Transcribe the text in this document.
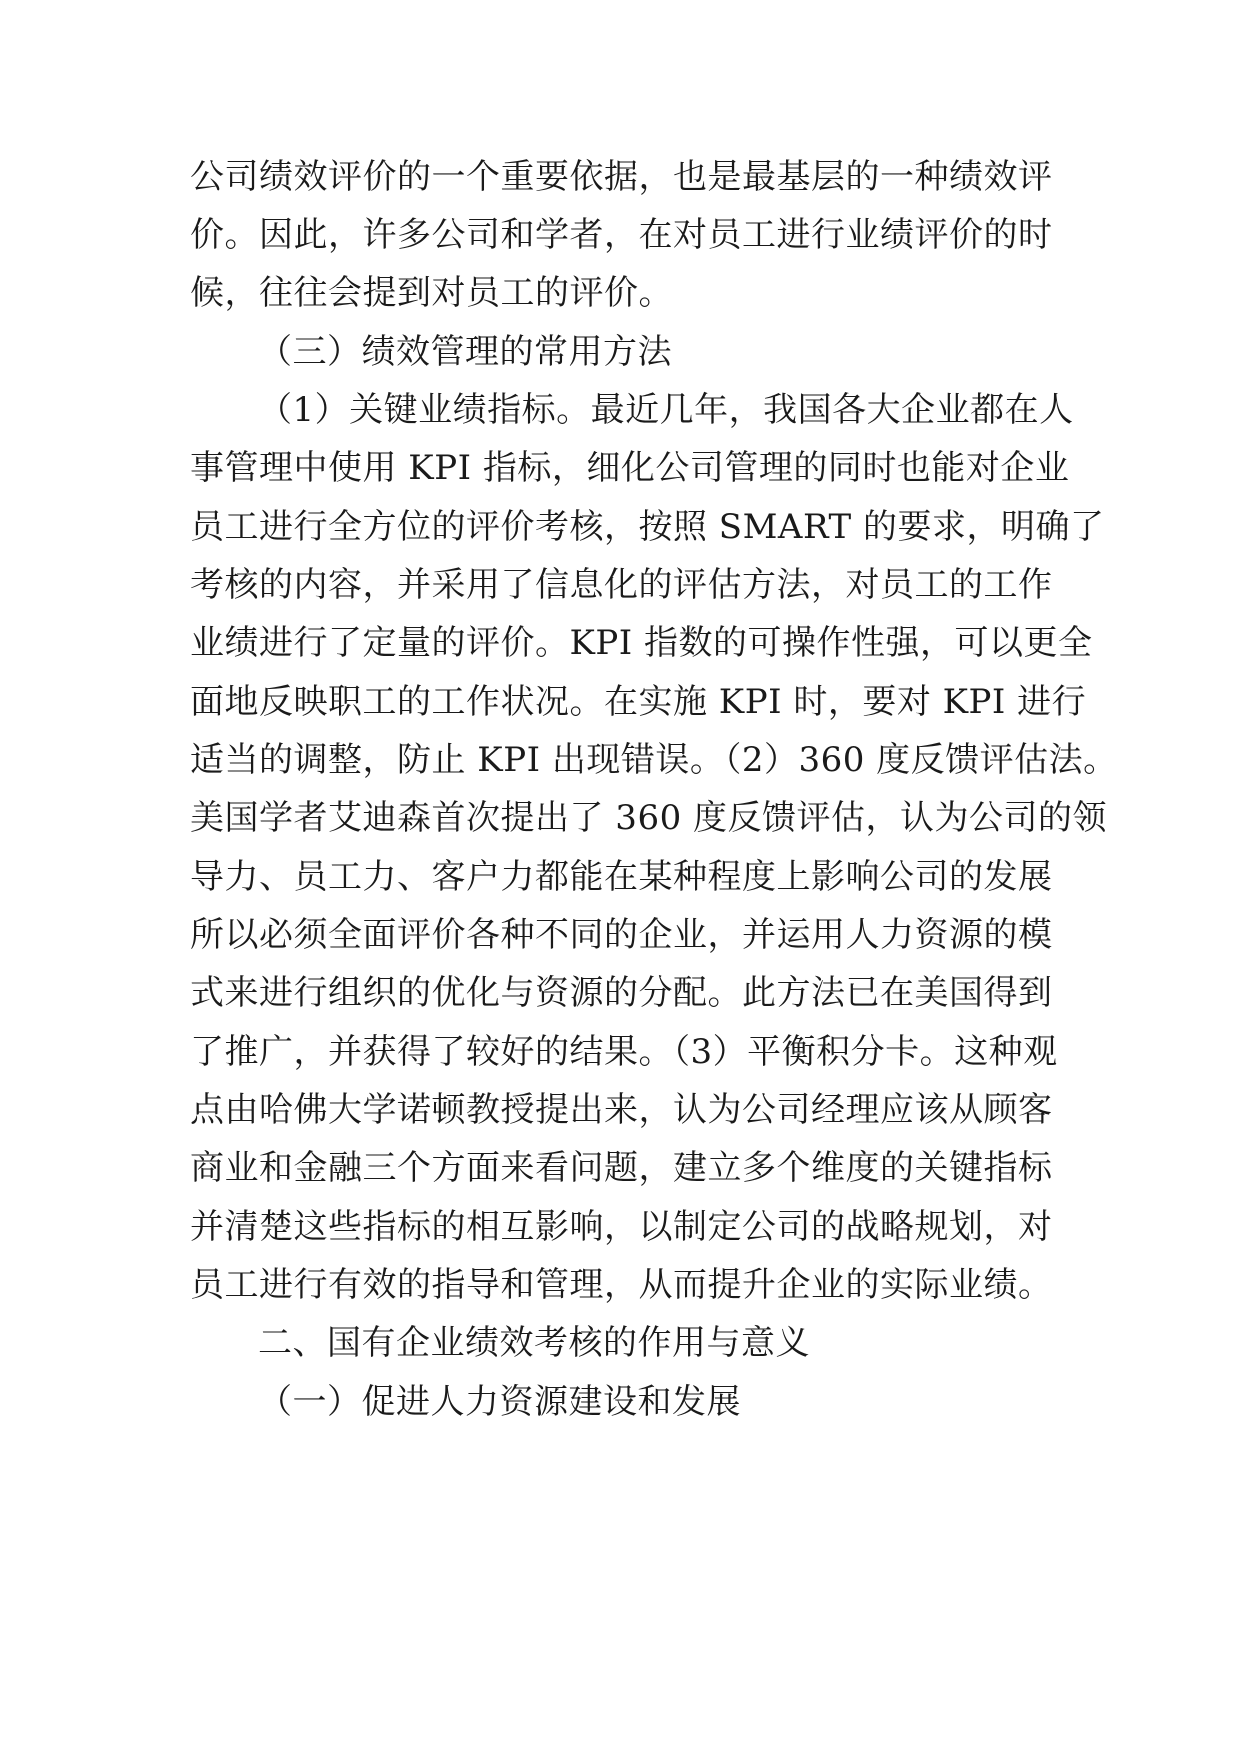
公司绩效评价的一个重要依据，也是最基层的一种绩效评
价。因此，许多公司和学者，在对员工进行业绩评价的时
候，往往会提到对员工的评价。
（三）绩效管理的常用方法
（1）关键业绩指标。最近几年，我国各大企业都在人
事管理中使用 KPI 指标，细化公司管理的同时也能对企业
员工进行全方位的评价考核，按照 SMART 的要求，明确了
考核的内容，并采用了信息化的评估方法，对员工的工作
业绩进行了定量的评价。KPI 指数的可操作性强，可以更全
面地反映职工的工作状况。在实施 KPI 时，要对 KPI 进行
适当的调整，防止 KPI 出现错误。（2）360 度反馈评估法。
美国学者艾迪森首次提出了 360 度反馈评估，认为公司的领
导力、员工力、客户力都能在某种程度上影响公司的发展
所以必须全面评价各种不同的企业，并运用人力资源的模
式来进行组织的优化与资源的分配。此方法已在美国得到
了推广，并获得了较好的结果。（3）平衡积分卡。这种观
点由哈佛大学诺顿教授提出来，认为公司经理应该从顾客
商业和金融三个方面来看问题，建立多个维度的关键指标
并清楚这些指标的相互影响，以制定公司的战略规划，对
员工进行有效的指导和管理，从而提升企业的实际业绩。
二、国有企业绩效考核的作用与意义
（一）促进人力资源建设和发展
